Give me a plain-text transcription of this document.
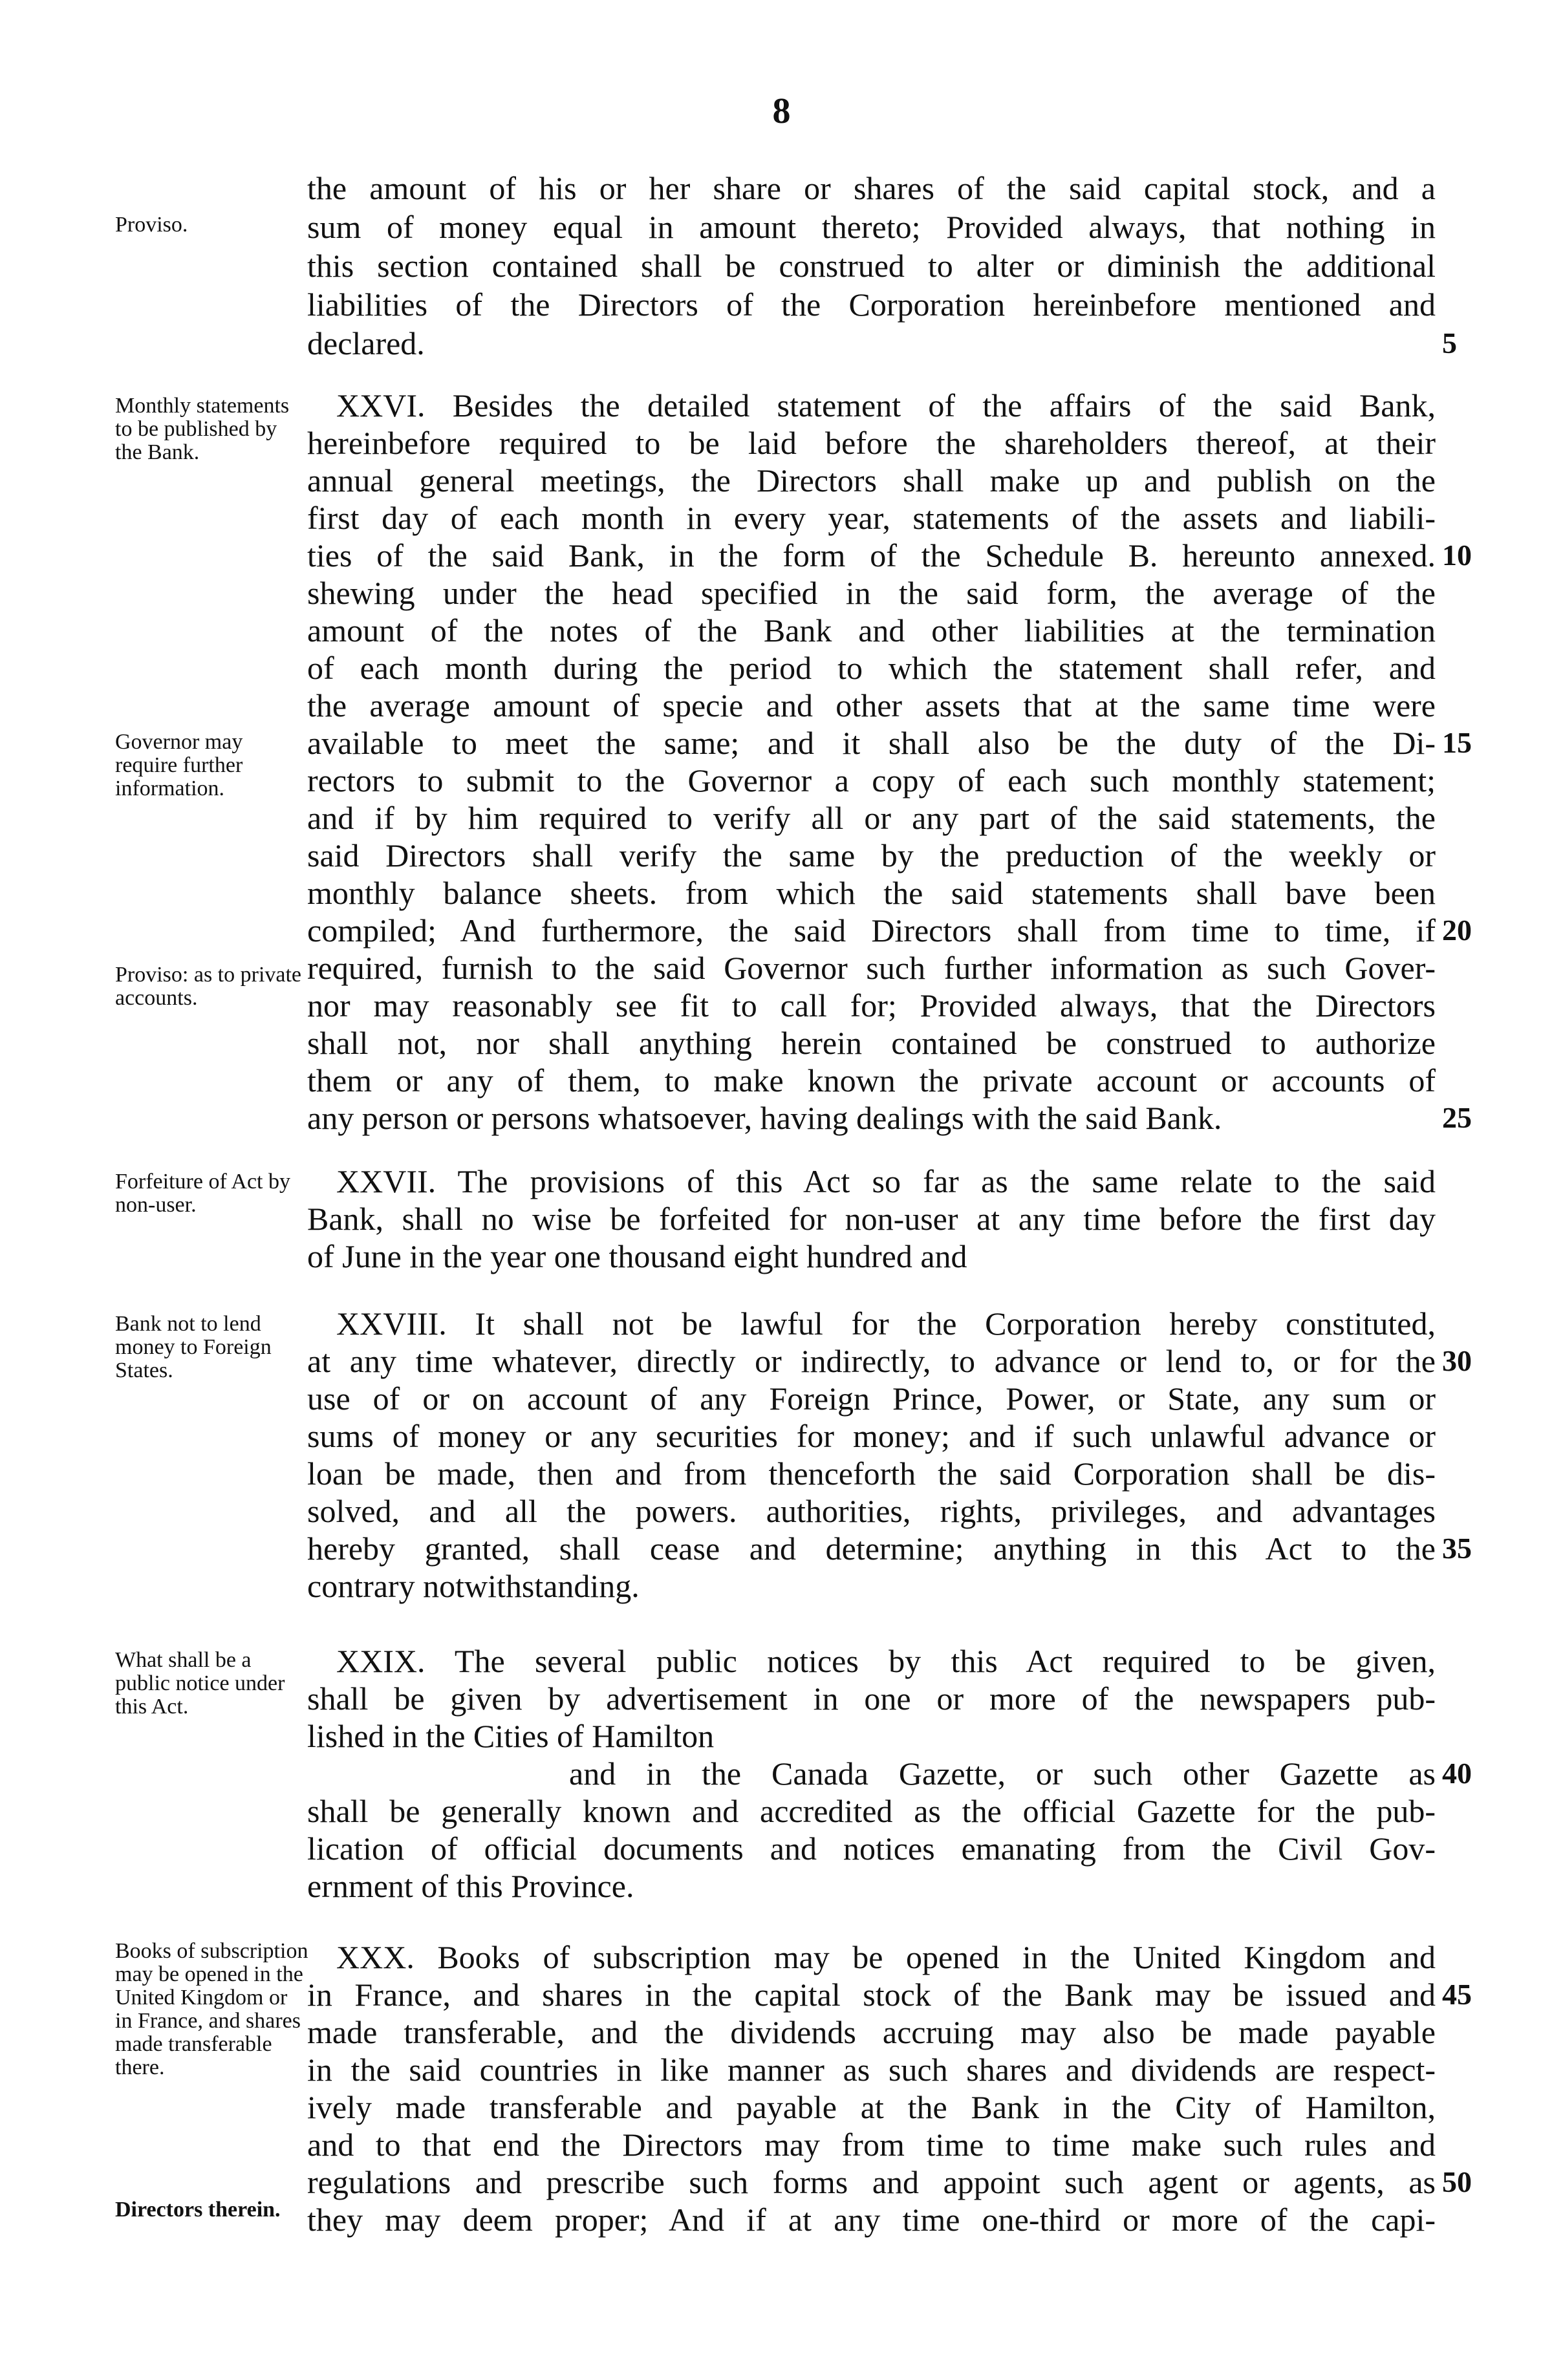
8
Proviso.
Monthly statements to be published by the Bank.
Governor may require further information.
Proviso: as to private accounts.
Forfeiture of Act by non-user.
Bank not to lend money to Foreign States.
What shall be a public notice under this Act.
Books of subscription may be opened in the United Kingdom or in France, and shares made transferable there.
Directors therein.
the amount of his or her share or shares of the said capital stock, and a
sum of money equal in amount thereto; Provided always, that nothing in
this section contained shall be construed to alter or diminish the additional
liabilities of the Directors of the Corporation hereinbefore mentioned and
declared.
XXVI. Besides the detailed statement of the affairs of the said Bank,
hereinbefore required to be laid before the shareholders thereof, at their
annual general meetings, the Directors shall make up and publish on the
first day of each month in every year, statements of the assets and liabili-
ties of the said Bank, in the form of the Schedule B. hereunto annexed.
shewing under the head specified in the said form, the average of the
amount of the notes of the Bank and other liabilities at the termination
of each month during the period to which the statement shall refer, and
the average amount of specie and other assets that at the same time were
available to meet the same; and it shall also be the duty of the Di-
rectors to submit to the Governor a copy of each such monthly statement;
and if by him required to verify all or any part of the said statements, the
said Directors shall verify the same by the preduction of the weekly or
monthly balance sheets. from which the said statements shall bave been
compiled; And furthermore, the said Directors shall from time to time, if
required, furnish to the said Governor such further information as such Gover-
nor may reasonably see fit to call for; Provided always, that the Directors
shall not, nor shall anything herein contained be construed to authorize
them or any of them, to make known the private account or accounts of
any person or persons whatsoever, having dealings with the said Bank.
XXVII. The provisions of this Act so far as the same relate to the said
Bank, shall no wise be forfeited for non-user at any time before the first day
of June in the year one thousand eight hundred and
XXVIII. It shall not be lawful for the Corporation hereby constituted,
at any time whatever, directly or indirectly, to advance or lend to, or for the
use of or on account of any Foreign Prince, Power, or State, any sum or
sums of money or any securities for money; and if such unlawful advance or
loan be made, then and from thenceforth the said Corporation shall be dis-
solved, and all the powers. authorities, rights, privileges, and advantages
hereby granted, shall cease and determine; anything in this Act to the
contrary notwithstanding.
XXIX. The several public notices by this Act required to be given,
shall be given by advertisement in one or more of the newspapers pub-
lished in the Cities of Hamilton
and in the Canada Gazette, or such other Gazette as
shall be generally known and accredited as the official Gazette for the pub-
lication of official documents and notices emanating from the Civil Gov-
ernment of this Province.
XXX. Books of subscription may be opened in the United Kingdom and
in France, and shares in the capital stock of the Bank may be issued and
made transferable, and the dividends accruing may also be made payable
in the said countries in like manner as such shares and dividends are respect-
ively made transferable and payable at the Bank in the City of Hamilton,
and to that end the Directors may from time to time make such rules and
regulations and prescribe such forms and appoint such agent or agents, as
they may deem proper; And if at any time one-third or more of the capi-
5
10
15
20
25
30
35
40
45
50
